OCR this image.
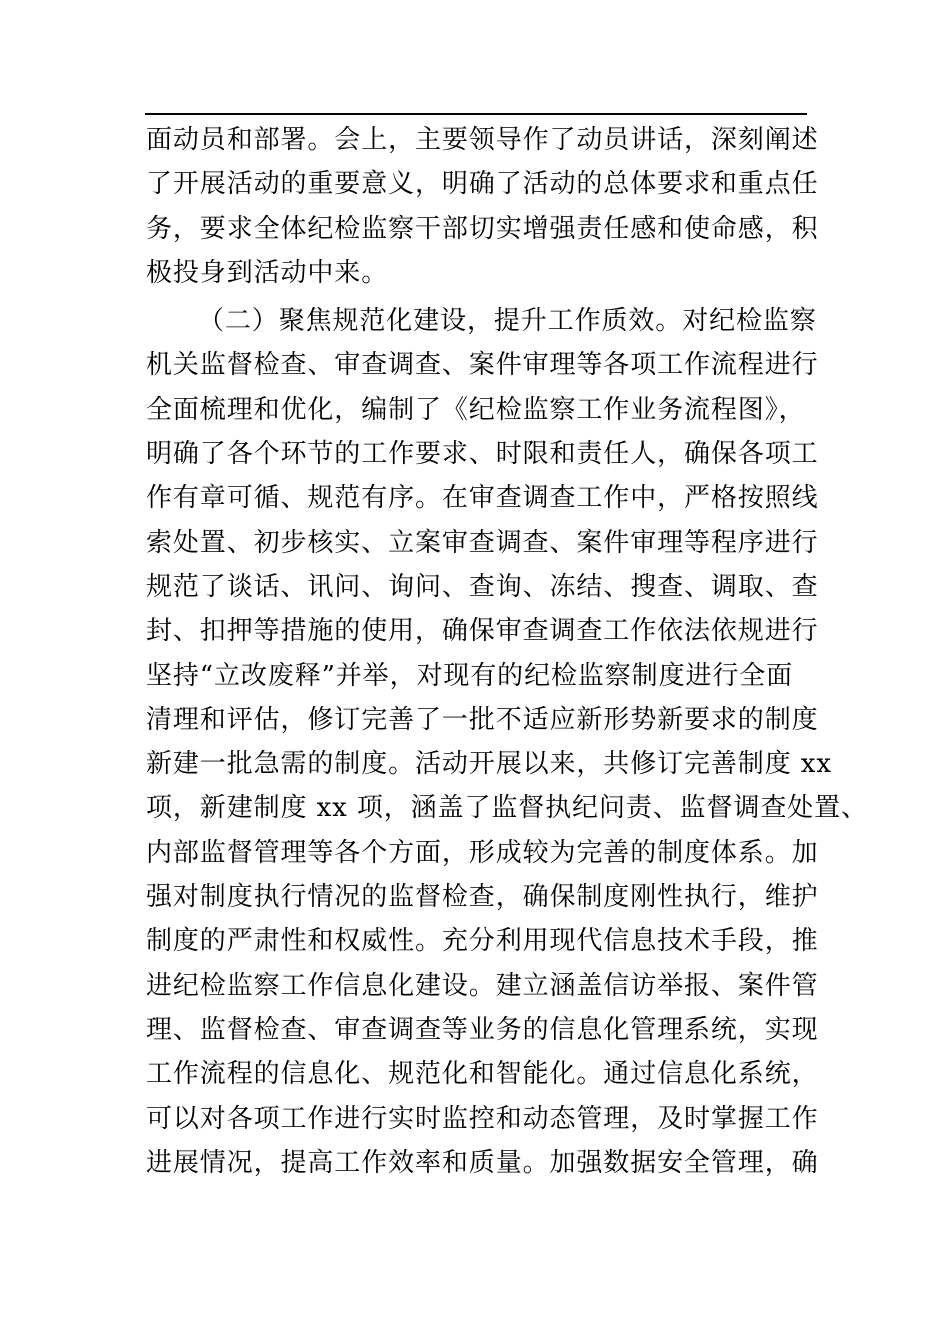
面动员和部署。会上，主要领导作了动员讲话，深刻阐述
了开展活动的重要意义，明确了活动的总体要求和重点任
务，要求全体纪检监察干部切实增强责任感和使命感，积
极投身到活动中来。
（二）聚焦规范化建设，提升工作质效。对纪检监察
机关监督检查、审查调查、案件审理等各项工作流程进行
全面梳理和优化，编制了《纪检监察工作业务流程图》，
明确了各个环节的工作要求、时限和责任人，确保各项工
作有章可循、规范有序。在审查调查工作中，严格按照线
索处置、初步核实、立案审查调查、案件审理等程序进行
规范了谈话、讯问、询问、查询、冻结、搜查、调取、查
封、扣押等措施的使用，确保审查调查工作依法依规进行
坚持“立改废释”并举，对现有的纪检监察制度进行全面
清理和评估，修订完善了一批不适应新形势新要求的制度
新建一批急需的制度。活动开展以来，共修订完善制度 xx
项，新建制度 xx 项，涵盖了监督执纪问责、监督调查处置、
内部监督管理等各个方面，形成较为完善的制度体系。加
强对制度执行情况的监督检查，确保制度刚性执行，维护
制度的严肃性和权威性。充分利用现代信息技术手段，推
进纪检监察工作信息化建设。建立涵盖信访举报、案件管
理、监督检查、审查调查等业务的信息化管理系统，实现
工作流程的信息化、规范化和智能化。通过信息化系统，
可以对各项工作进行实时监控和动态管理，及时掌握工作
进展情况，提高工作效率和质量。加强数据安全管理，确
